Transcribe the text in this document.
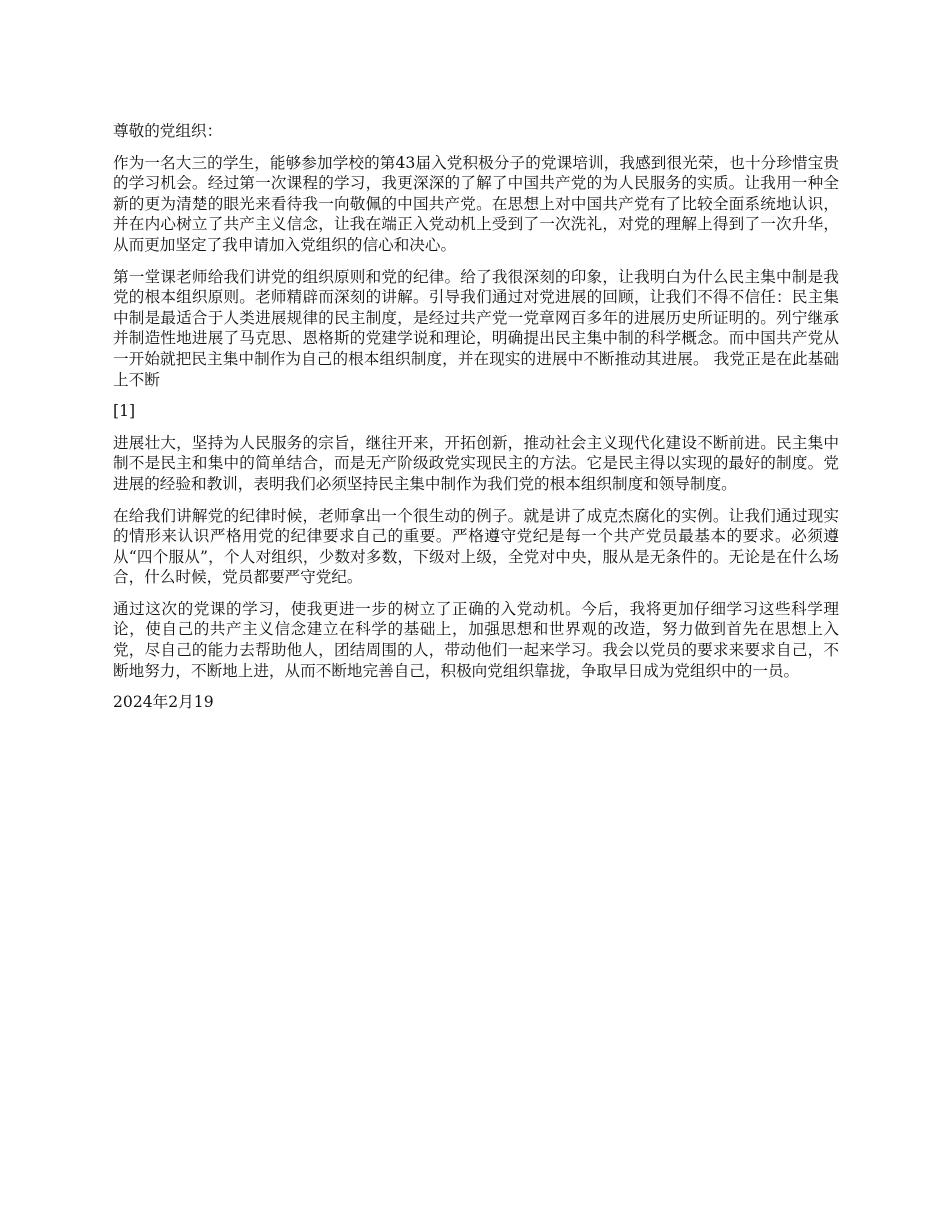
尊敬的党组织：

作为一名大三的学生，能够参加学校的第43届入党积极分子的党课培训，我感到很光荣，也十分珍惜宝贵的学习机会。经过第一次课程的学习，我更深深的了解了中国共产党的为人民服务的实质。让我用一种全新的更为清楚的眼光来看待我一向敬佩的中国共产党。在思想上对中国共产党有了比较全面系统地认识，并在内心树立了共产主义信念，让我在端正入党动机上受到了一次洗礼，对党的理解上得到了一次升华，从而更加坚定了我申请加入党组织的信心和决心。

第一堂课老师给我们讲党的组织原则和党的纪律。给了我很深刻的印象，让我明白为什么民主集中制是我党的根本组织原则。老师精辟而深刻的讲解。引导我们通过对党进展的回顾，让我们不得不信任：民主集中制是最适合于人类进展规律的民主制度，是经过共产党一党章网百多年的进展历史所证明的。列宁继承并制造性地进展了马克思、恩格斯的党建学说和理论，明确提出民主集中制的科学概念。而中国共产党从一开始就把民主集中制作为自己的根本组织制度，并在现实的进展中不断推动其进展。 我党正是在此基础上不断

[1]

进展壮大，坚持为人民服务的宗旨，继往开来，开拓创新，推动社会主义现代化建设不断前进。民主集中制不是民主和集中的简单结合，而是无产阶级政党实现民主的方法。它是民主得以实现的最好的制度。党进展的经验和教训，表明我们必须坚持民主集中制作为我们党的根本组织制度和领导制度。

在给我们讲解党的纪律时候，老师拿出一个很生动的例子。就是讲了成克杰腐化的实例。让我们通过现实的情形来认识严格用党的纪律要求自己的重要。严格遵守党纪是每一个共产党员最基本的要求。必须遵从“四个服从”，个人对组织，少数对多数，下级对上级，全党对中央，服从是无条件的。无论是在什么场合，什么时候，党员都要严守党纪。

通过这次的党课的学习，使我更进一步的树立了正确的入党动机。今后，我将更加仔细学习这些科学理论，使自己的共产主义信念建立在科学的基础上，加强思想和世界观的改造，努力做到首先在思想上入党，尽自己的能力去帮助他人，团结周围的人，带动他们一起来学习。我会以党员的要求来要求自己，不断地努力，不断地上进，从而不断地完善自己，积极向党组织靠拢，争取早日成为党组织中的一员。

2024年2月19
